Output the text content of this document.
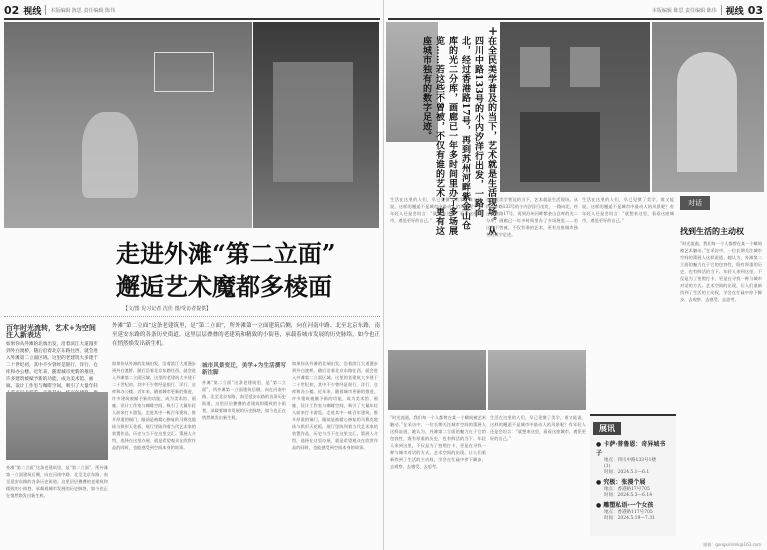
02 视线 本版编辑 陈思 责任编辑 陈伟
走进外滩“第二立面”
邂逅艺术魔都多棱面
【文/图 见习记者 沈佳 图/受访者提供】
百年时光流转，艺术+为空间注入新表达
如果你从外滩的北端出发，沿着滨江大道漫步到外白渡桥，随后沿着北京东路往西，就会进入外滩第二立面区域。这里的老建筑大多建于二十世纪初，其中不少曾经是银行、洋行、仓库和办公楼。近年来，随着城市更新的推进，许多建筑被赋予新的功能，成为美术馆、画廊、设计工作室与咖啡空间，吸引了大量年轻
外滩“第二立面”这条老建筑里，是“第二立面”，所外滩第一立面建筑后侧，向在河南中路、北至北京东路，南至延安东路的各条历史街道。这里层层叠叠的老建筑和精致的小街巷，承载着城市发展的历史脉络，如今也正在悄然焕发出新生机。
如果你从外滩的北端出发，沿着滨江大道漫步到外白渡桥，随后沿着北京东路往西，就会进入外滩第二立面区域。这里的老建筑大多建于二十世纪初，其中不少曾经是银行、洋行、仓库和办公楼。近年来，随着城市更新的推进，许多建筑被赋予新的功能，成为美术馆、画廊、设计工作室与咖啡空间，吸引了大量年轻人前来打卡游览。走进其中一栋百年建筑，推开厚重的铜门，眼前是被精心修复的马赛克地砖与拱形天花板，展厅里陈列着当代艺术家的装置作品，历史与当下在这里交汇。策展人介绍，选择在这里办展，就是希望观众在欣赏作品的同时，也能感受到空间本身的故事。
城市风景变迁，美学+为生活撰写新注脚
外滩“第二立面”这条老建筑里，是“第二立面”，所外滩第一立面建筑后侧，向在河南中路、北至北京东路，南至延安东路的各条历史街道。这里层层叠叠的老建筑和精致的小街巷，承载着城市发展的历史脉络，如今也正在悄然焕发出新生机。
如果你从外滩的北端出发，沿着滨江大道漫步到外白渡桥，随后沿着北京东路往西，就会进入外滩第二立面区域。这里的老建筑大多建于二十世纪初，其中不少曾经是银行、洋行、仓库和办公楼。近年来，随着城市更新的推进，许多建筑被赋予新的功能，成为美术馆、画廊、设计工作室与咖啡空间，吸引了大量年轻人前来打卡游览。走进其中一栋百年建筑，推开厚重的铜门，眼前是被精心修复的马赛克地砖与拱形天花板，展厅里陈列着当代艺术家的装置作品，历史与当下在这里交汇。策展人介绍，选择在这里办展，就是希望观众在欣赏作品的同时，也能感受到空间本身的故事。
外滩“第二立面”这条老建筑里，是“第二立面”，所外滩第一立面建筑后侧，向在河南中路、北至北京东路，南至延安东路的各条历史街道。这里层层叠叠的老建筑和精致的小街巷，承载着城市发展的历史脉络，如今也正在悄然焕发出新生机。
本版编辑 陈思 责任编辑 陈伟 视线 03
+
在全民美学普及的当下，艺术就是生活现场。从四川中路133号的小内汐洋行出发，一路向北，经过香港路17号，再到苏州河畔紫金山仓库的光二分库，画廊已一年多时间里办了多场展览……若这些不曾被，不仅有谁的艺术，更有这座城市独有的数字足迹。
生活在这里的人们，早已见惯了美学，谁又能说，这样的邂逅不是城市中最动人的风景呢？有年轻人还是会坦言：“就想来这里，看看这座城市，遇见更好的自己。”
在全民美学普及的当下，艺术就是生活现场。从四川中路133号的小内汐洋行出发，一路向北，经过香港路17号，再到苏州河畔紫金山仓库的光二分库，画廊已一年多时间里办了多场展览……若这些不曾被，不仅有谁的艺术，更有这座城市独有的数字足迹。
生活在这里的人们，早已见惯了美学，谁又能说，这样的邂逅不是城市中最动人的风景呢？有年轻人还是会坦言：“就想来这里，看看这座城市，遇见更好的自己。”
对话
找到生活的主动权
“时光流逝，我们每一个人都曾在某一个瞬间被艺术触动。”在采访中，一位长期关注城市空间的策展人这样说道。她认为，外滩第二立面的魅力在于它的包容性，既有厚重的历史，也有鲜活的当下。年轻人来到这里，不仅是为了拍照打卡，更是在寻找一种与城市对话的方式。艺术空间的出现，让人们重新找到了生活的主动权，学会在忙碌中停下脚步，去观察、去感受、去思考。
“时光流逝，我们每一个人都曾在某一个瞬间被艺术触动。”在采访中，一位长期关注城市空间的策展人这样说道。她认为，外滩第二立面的魅力在于它的包容性，既有厚重的历史，也有鲜活的当下。年轻人来到这里，不仅是为了拍照打卡，更是在寻找一种与城市对话的方式。艺术空间的出现，让人们重新找到了生活的主动权，学会在忙碌中停下脚步，去观察、去感受、去思考。
生活在这里的人们，早已见惯了美学，谁又能说，这样的邂逅不是城市中最动人的风景呢？有年轻人还是会坦言：“就想来这里，看看这座城市，遇见更好的自己。”
展讯
● 卡萨·普鲁恩：奇异城书子
地点：四川中路133号1楼(1)
时间：2024.5.1—6.1
● 究极：张漫个展
地点：香港路17号705
时间：2024.5.3—6.14
● 雕塑私语·一个女孩
地点：香港路117号705
时间：2024.5.19—7.31
邮箱：gongxinlsnk@163.com
